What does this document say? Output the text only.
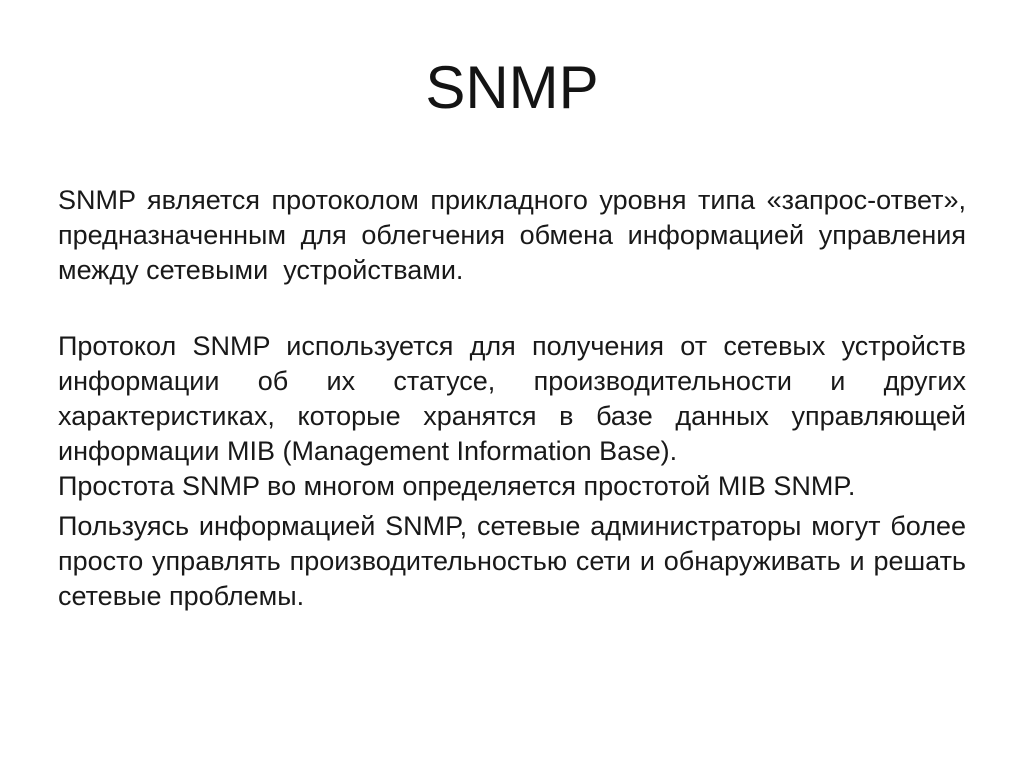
SNMP
SNMP является протоколом прикладного уровня типа «запрос-ответ»,
предназначенным для облегчения обмена информацией управления
между сетевыми  устройствами.
Протокол SNMP используется для получения от сетевых устройств
информации об их статусе, производительности и других
характеристиках, которые хранятся в базе данных управляющей
информации MIB (Management Information Base).
Простота SNMP во многом определяется простотой MIB SNMP.
Пользуясь информацией SNMP, сетевые администраторы могут более
просто управлять производительностью сети и обнаруживать и решать
сетевые проблемы.
